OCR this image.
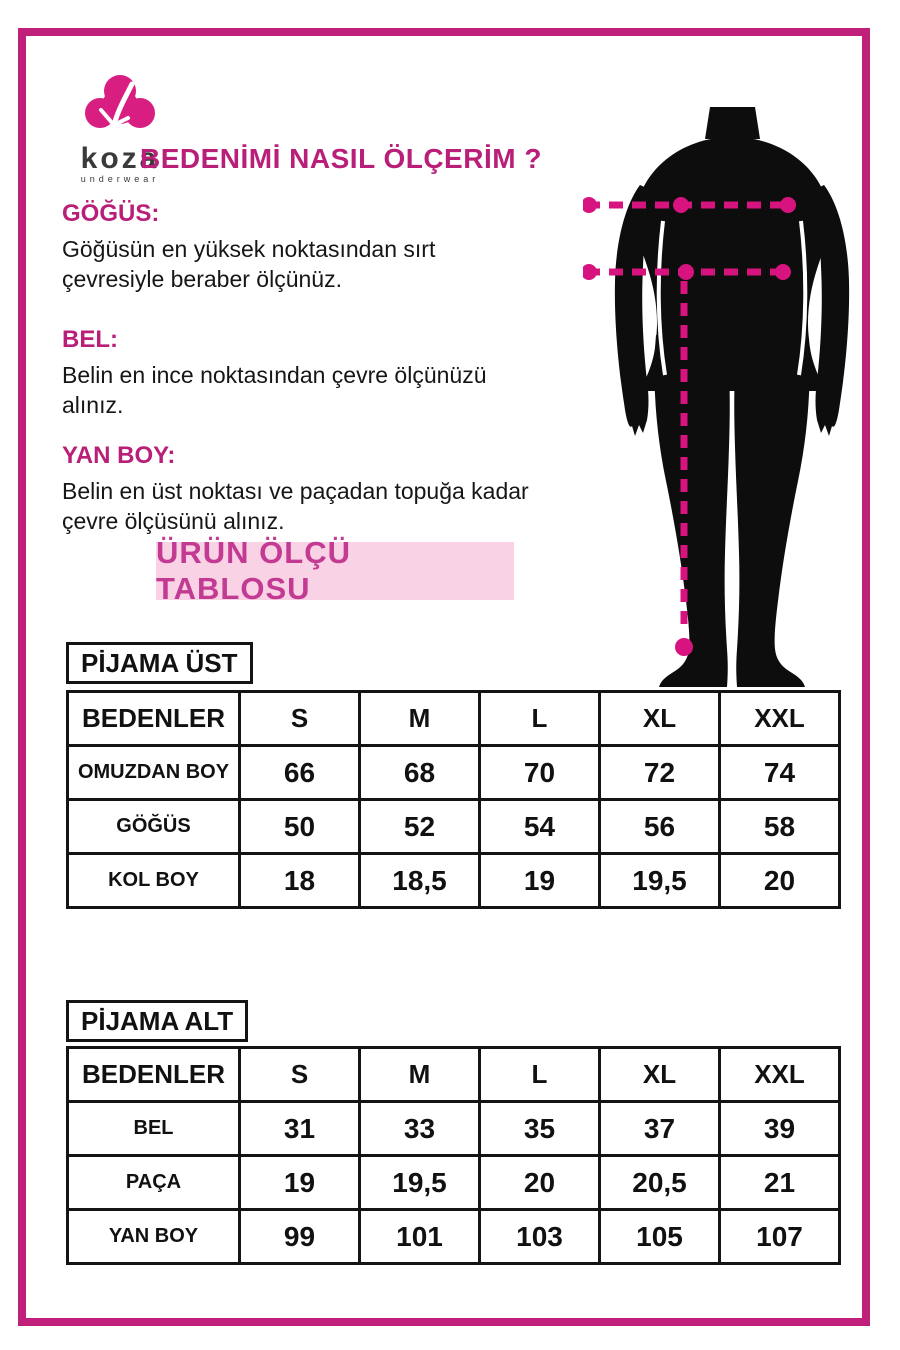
koza
underwear
BEDENİMİ NASIL ÖLÇERİM ?

GÖĞÜS:

Göğüsün en yüksek noktasından sırt çevresiyle beraber ölçünüz.

BEL:

Belin en ince noktasından çevre ölçünüzü alınız.

YAN BOY:

Belin en üst noktası ve paçadan topuğa kadar çevre ölçüsünü alınız.

ÜRÜN ÖLÇÜ TABLOSU
PİJAMA ÜST
BEDENLER	S	M	L	XL	XXL
OMUZDAN BOY	66	68	70	72	74
GÖĞÜS	50	52	54	56	58
KOL BOY	18	18,5	19	19,5	20
PİJAMA ALT
BEDENLER	S	M	L	XL	XXL
BEL	31	33	35	37	39
PAÇA	19	19,5	20	20,5	21
YAN BOY	99	101	103	105	107
